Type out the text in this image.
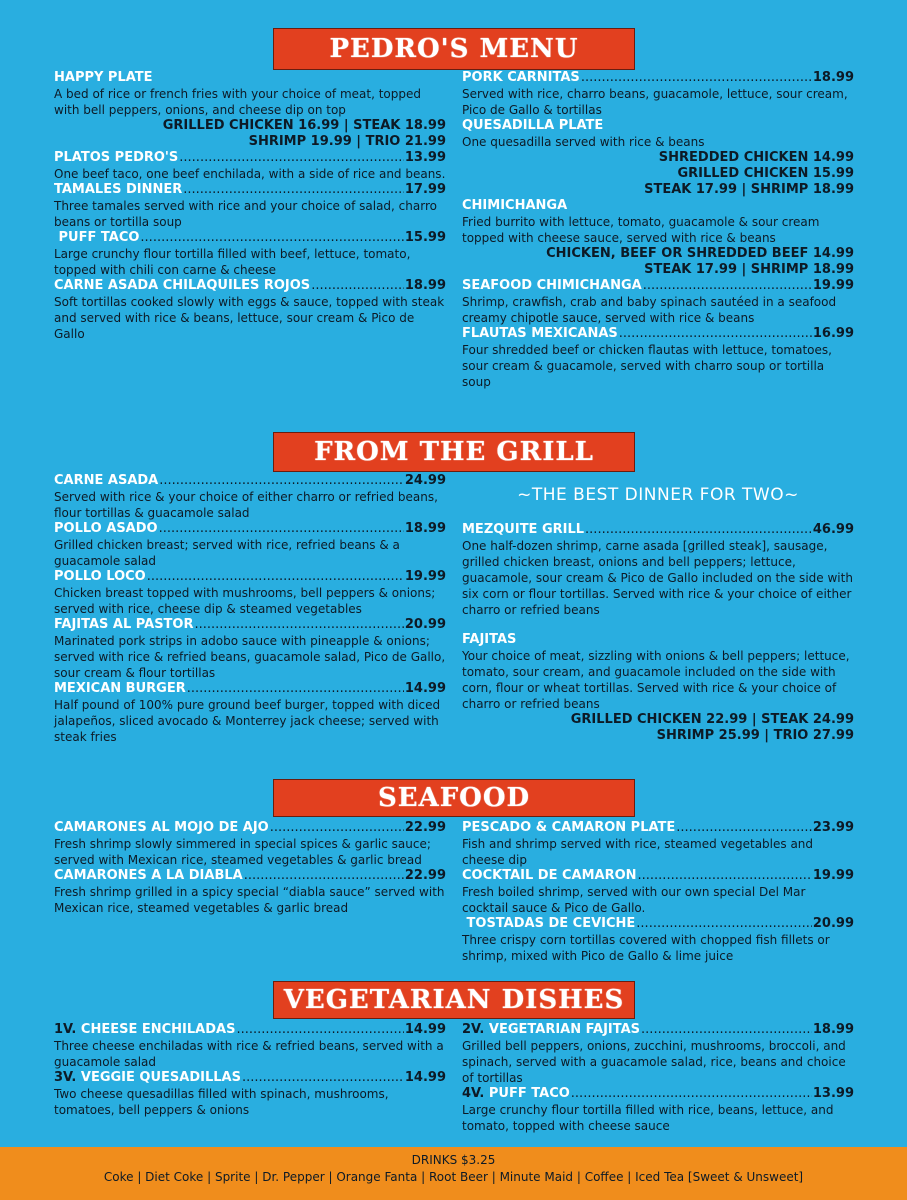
PEDRO'S MENU
FROM THE GRILL
SEAFOOD
VEGETARIAN DISHES
HAPPY PLATE
A bed of rice or french fries with your choice of meat, topped with bell peppers, onions, and cheese dip on top
GRILLED CHICKEN 16.99 | STEAK 18.99
SHRIMP 19.99 | TRIO 21.99
PLATOS PEDRO'S .....	13.99
One beef taco, one beef enchilada, with a side of rice and beans.
TAMALES DINNER .....	17.99
Three tamales served with rice and your choice of salad, charro beans or tortilla soup
PUFF TACO .....	15.99
Large crunchy flour tortilla filled with beef, lettuce, tomato, topped with chili con carne & cheese
CARNE ASADA CHILAQUILES ROJOS .....	18.99
Soft tortillas cooked slowly with eggs & sauce, topped with steak and served with rice & beans, lettuce, sour cream & Pico de Gallo
PORK CARNITAS .....	18.99
Served with rice, charro beans, guacamole, lettuce, sour cream, Pico de Gallo & tortillas
QUESADILLA PLATE
One quesadilla served with rice & beans
SHREDDED CHICKEN 14.99
GRILLED CHICKEN 15.99
STEAK 17.99 | SHRIMP 18.99
CHIMICHANGA
Fried burrito with lettuce, tomato, guacamole & sour cream topped with cheese sauce, served with rice & beans
CHICKEN, BEEF OR SHREDDED BEEF 14.99
STEAK 17.99 | SHRIMP 18.99
SEAFOOD CHIMICHANGA .....	19.99
Shrimp, crawfish, crab and baby spinach sautéed in a seafood creamy chipotle sauce, served with rice & beans
FLAUTAS MEXICANAS .....	16.99
Four shredded beef or chicken flautas with lettuce, tomatoes, sour cream & guacamole, served with charro soup or tortilla soup
CARNE ASADA .....	24.99
Served with rice & your choice of either charro or refried beans, flour tortillas & guacamole salad
POLLO ASADO .....	18.99
Grilled chicken breast; served with rice, refried beans & a guacamole salad
POLLO LOCO .....	19.99
Chicken breast topped with mushrooms, bell peppers & onions; served with rice, cheese dip & steamed vegetables
FAJITAS AL PASTOR .....	20.99
Marinated pork strips in adobo sauce with pineapple & onions; served with rice & refried beans, guacamole salad, Pico de Gallo, sour cream & flour tortillas
MEXICAN BURGER .....	14.99
Half pound of 100% pure ground beef burger, topped with diced jalapeños, sliced avocado & Monterrey jack cheese; served with steak fries
~THE BEST DINNER FOR TWO~
MEZQUITE GRILL .....	46.99
One half-dozen shrimp, carne asada [grilled steak], sausage, grilled chicken breast, onions and bell peppers; lettuce, guacamole, sour cream & Pico de Gallo included on the side with six corn or flour tortillas. Served with rice & your choice of either charro or refried beans
FAJITAS
Your choice of meat, sizzling with onions & bell peppers; lettuce, tomato, sour cream, and guacamole included on the side with corn, flour or wheat tortillas. Served with rice & your choice of charro or refried beans
GRILLED CHICKEN 22.99 | STEAK 24.99
SHRIMP 25.99 | TRIO 27.99
CAMARONES AL MOJO DE AJO .....	22.99
Fresh shrimp slowly simmered in special spices & garlic sauce; served with Mexican rice, steamed vegetables & garlic bread
CAMARONES A LA DIABLA .....	22.99
Fresh shrimp grilled in a spicy special “diabla sauce” served with Mexican rice, steamed vegetables & garlic bread
PESCADO & CAMARON PLATE .....	23.99
Fish and shrimp served with rice, steamed vegetables and cheese dip
COCKTAIL DE CAMARON .....	19.99
Fresh boiled shrimp, served with our own special Del Mar cocktail sauce & Pico de Gallo.
TOSTADAS DE CEVICHE .....	20.99
Three crispy corn tortillas covered with chopped fish fillets or shrimp, mixed with Pico de Gallo & lime juice
1V. CHEESE ENCHILADAS .....	14.99
Three cheese enchiladas with rice & refried beans, served with a guacamole salad
3V. VEGGIE QUESADILLAS .....	14.99
Two cheese quesadillas filled with spinach, mushrooms, tomatoes, bell peppers & onions
2V. VEGETARIAN FAJITAS .....	18.99
Grilled bell peppers, onions, zucchini, mushrooms, broccoli, and spinach, served with a guacamole salad, rice, beans and choice of tortillas
4V. PUFF TACO .....	13.99
Large crunchy flour tortilla filled with rice, beans, lettuce, and tomato, topped with cheese sauce
DRINKS $3.25
Coke | Diet Coke | Sprite | Dr. Pepper | Orange Fanta | Root Beer | Minute Maid | Coffee | Iced Tea [Sweet & Unsweet]
